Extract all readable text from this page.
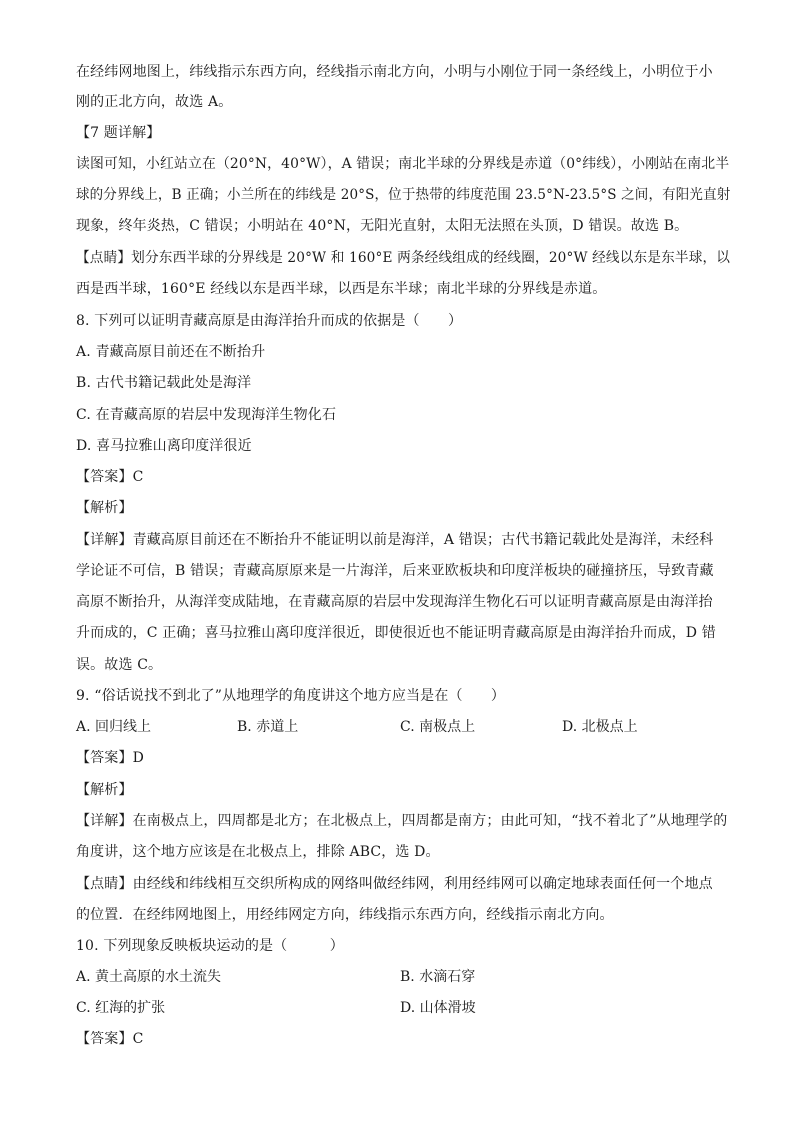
在经纬网地图上，纬线指示东西方向，经线指示南北方向，小明与小刚位于同一条经线上，小明位于小
刚的正北方向，故选 A。
【7 题详解】
读图可知，小红站立在（20°N，40°W），A 错误；南北半球的分界线是赤道（0°纬线），小刚站在南北半
球的分界线上，B 正确；小兰所在的纬线是 20°S，位于热带的纬度范围 23.5°N-23.5°S 之间，有阳光直射
现象，终年炎热，C 错误；小明站在 40°N，无阳光直射，太阳无法照在头顶，D 错误。故选 B。
【点睛】划分东西半球的分界线是 20°W 和 160°E 两条经线组成的经线圈，20°W 经线以东是东半球，以
西是西半球，160°E 经线以东是西半球，以西是东半球；南北半球的分界线是赤道。
8. 下列可以证明青藏高原是由海洋抬升而成的依据是（　　）
A. 青藏高原目前还在不断抬升
B. 古代书籍记载此处是海洋
C. 在青藏高原的岩层中发现海洋生物化石
D. 喜马拉雅山离印度洋很近
【答案】C
【解析】
【详解】青藏高原目前还在不断抬升不能证明以前是海洋，A 错误；古代书籍记载此处是海洋，未经科
学论证不可信，B 错误；青藏高原原来是一片海洋，后来亚欧板块和印度洋板块的碰撞挤压，导致青藏
高原不断抬升，从海洋变成陆地，在青藏高原的岩层中发现海洋生物化石可以证明青藏高原是由海洋抬
升而成的，C 正确；喜马拉雅山离印度洋很近，即使很近也不能证明青藏高原是由海洋抬升而成，D 错
误。故选 C。
9. “俗话说找不到北了”从地理学的角度讲这个地方应当是在（　　）
A. 回归线上	B. 赤道上	C. 南极点上	D. 北极点上
【答案】D
【解析】
【详解】在南极点上，四周都是北方；在北极点上，四周都是南方；由此可知，“找不着北了”从地理学的
角度讲，这个地方应该是在北极点上，排除 ABC，选 D。
【点睛】由经线和纬线相互交织所构成的网络叫做经纬网，利用经纬网可以确定地球表面任何一个地点
的位置．在经纬网地图上，用经纬网定方向，纬线指示东西方向，经线指示南北方向。
10. 下列现象反映板块运动的是（　　　）
A. 黄土高原的水土流失	B. 水滴石穿
C. 红海的扩张	D. 山体滑坡
【答案】C
